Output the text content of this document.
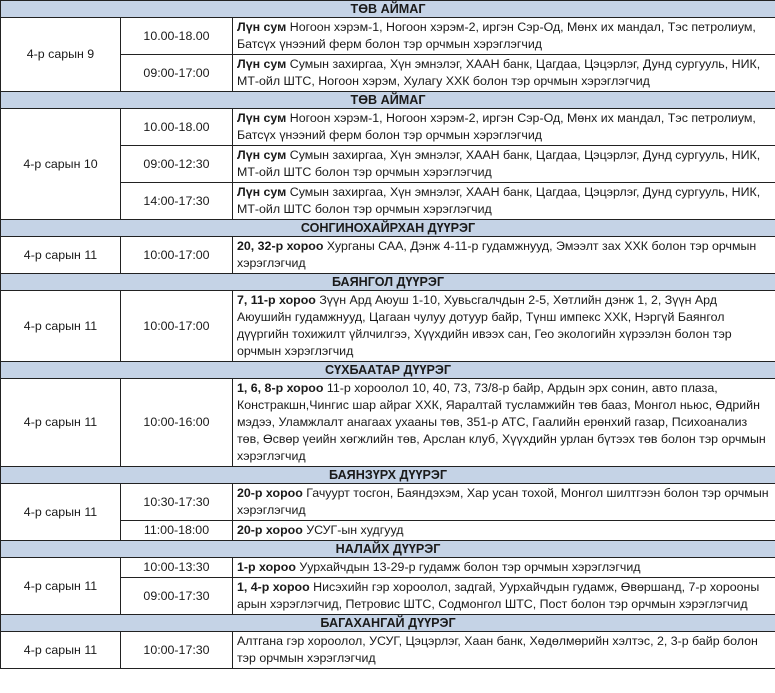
ТӨВ АЙМАГ		
4-р сарын 9	10.00-18.00	Лүн сум Ногоон хэрэм-1, Ногоон хэрэм-2, иргэн Сэр-Од, Мөнх их мандал, Тэс петролиум, Батсүх үнээний ферм болон тэр орчмын хэрэглэгчид
	09:00-17:00	Лүн сум Сумын захиргаа, Хүн эмнэлэг, ХААН банк, Цагдаа, Цэцэрлэг, Дунд сургууль, НИК, МТ-ойл ШТС, Ногоон хэрэм, Хулагу ХХК болон тэр орчмын хэрэглэгчид
ТӨВ АЙМАГ		
4-р сарын 10	10.00-18.00	Лүн сум Ногоон хэрэм-1, Ногоон хэрэм-2, иргэн Сэр-Од, Мөнх их мандал, Тэс петролиум, Батсүх үнээний ферм болон тэр орчмын хэрэглэгчид
	09:00-12:30	Лүн сум Сумын захиргаа, Хүн эмнэлэг, ХААН банк, Цагдаа, Цэцэрлэг, Дунд сургууль, НИК, МТ-ойл ШТС болон тэр орчмын хэрэглэгчид
	14:00-17:30	Лүн сум Сумын захиргаа, Хүн эмнэлэг, ХААН банк, Цагдаа, Цэцэрлэг, Дунд сургууль, НИК, МТ-ойл ШТС болон тэр орчмын хэрэглэгчид
СОНГИНОХАЙРХАН ДҮҮРЭГ		
4-р сарын 11	10:00-17:00	20, 32-р хороо Хурганы САА, Дэнж 4-11-р гудамжнууд, Эмээлт зах ХХК болон тэр орчмын хэрэглэгчид
БАЯНГОЛ ДҮҮРЭГ		
4-р сарын 11	10:00-17:00	7, 11-р хороо Зүүн Ард Аюуш 1-10, Хувьсгалчдын 2-5, Хөтлийн дэнж 1, 2, Зүүн Ард Аюушийн гудамжнууд, Цагаан чулуу дотуур байр, Түнш импекс ХХК, Нэргүй Баянгол дүүргийн тохижилт үйлчилгээ, Хүүхдийн ивээх сан, Гео экологийн хүрээлэн болон тэр орчмын хэрэглэгчид
СҮХБААТАР ДҮҮРЭГ		
4-р сарын 11	10:00-16:00	1, 6, 8-р хороо 11-р хороолол 10, 40, 73, 73/8-р байр, Ардын эрх сонин, авто плаза, Констракшн,Чингис шар айраг ХХК, Яаралтай тусламжийн төв бааз, Монгол ньюс, Өдрийн мэдээ, Уламжлалт анагаах ухааны төв, 351-р АТС, Гаалийн ерөнхий газар, Психоанализ төв, Өсвөр үеийн хөгжлийн төв, Арслан клуб, Хүүхдийн урлан бүтээх төв болон тэр орчмын хэрэглэгчид
БАЯНЗҮРХ ДҮҮРЭГ		
4-р сарын 11	10:30-17:30	20-р хороо Гачуурт тосгон, Баяндэхэм, Хар усан тохой, Монгол шилтгээн болон тэр орчмын хэрэглэгчид
	11:00-18:00	20-р хороо УСУГ-ын худгууд
НАЛАЙХ ДҮҮРЭГ		
4-р сарын 11	10:00-13:30	1-р хороо Уурхайчдын 13-29-р гудамж болон тэр орчмын хэрэглэгчид
	09:00-17:30	1, 4-р хороо Нисэхийн гэр хороолол, задгай, Уурхайчдын гудамж, Өвөршанд, 7-р хорооны арын хэрэглэгчид, Петровис ШТС, Содмонгол ШТС, Пост болон тэр орчмын хэрэглэгчид
БАГАХАНГАЙ ДҮҮРЭГ		
4-р сарын 11	10:00-17:30	Алтгана гэр хороолол, УСУГ, Цэцэрлэг, Хаан банк, Хөдөлмөрийн хэлтэс, 2, 3-р байр болон тэр орчмын хэрэглэгчид
